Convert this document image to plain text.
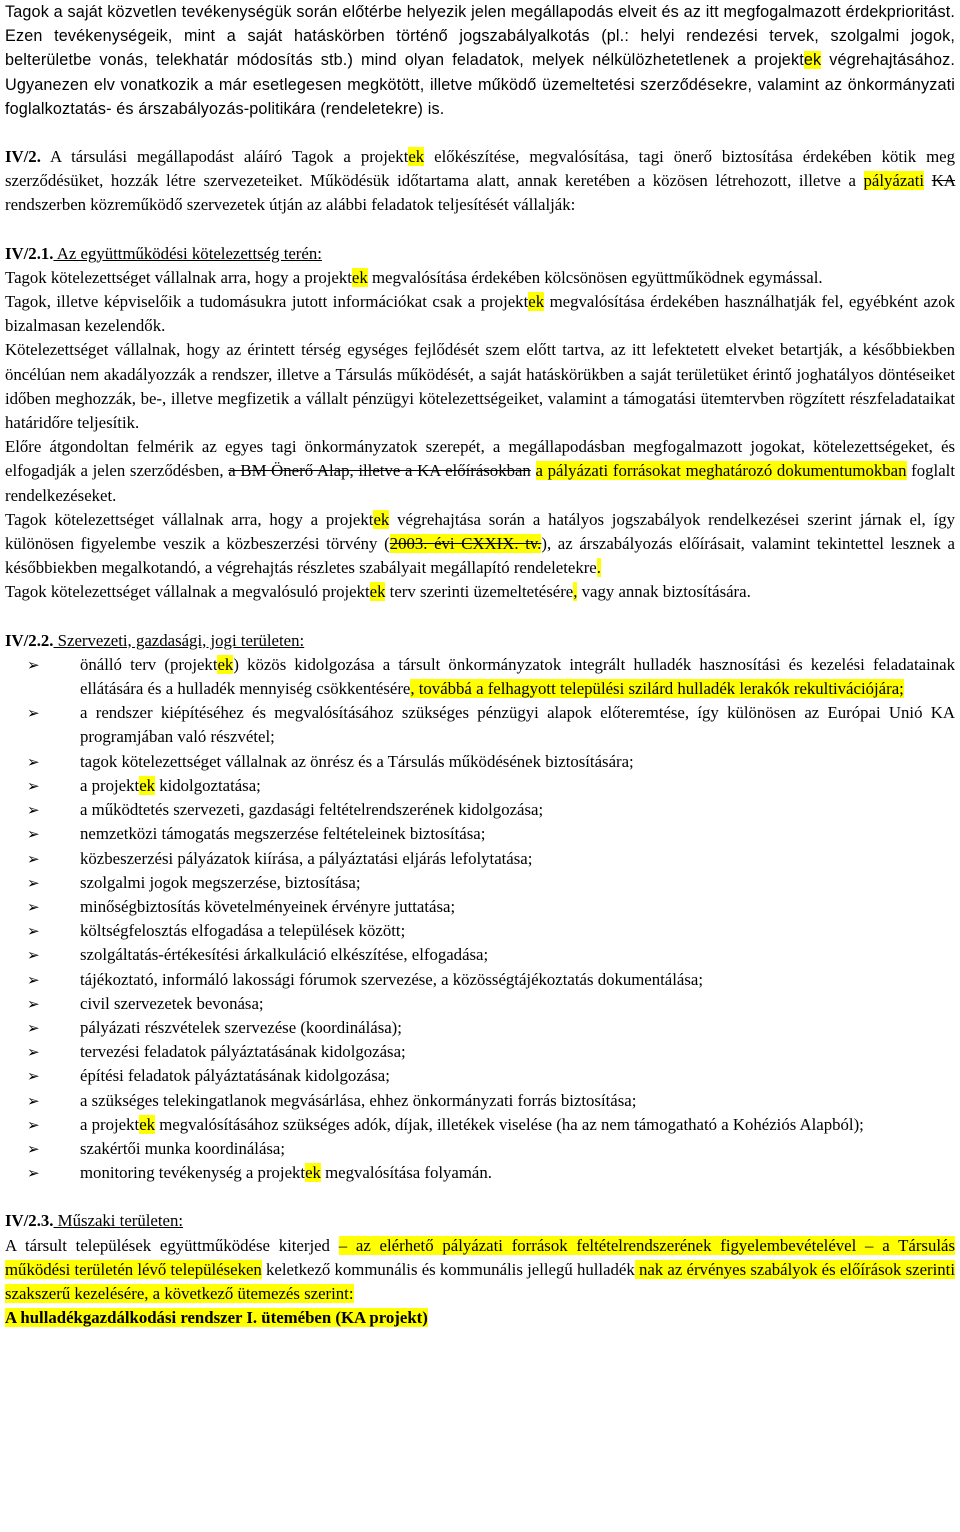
Tagok a saját közvetlen tevékenységük során előtérbe helyezik jelen megállapodás elveit és az itt megfogalmazott érdekprioritást. Ezen tevékenységeik, mint a saját hatáskörben történő jogszabályalkotás (pl.: helyi rendezési tervek, szolgalmi jogok, belterületbe vonás, telekhatár módosítás stb.) mind olyan feladatok, melyek nélkülözhetetlenek a projektek végrehajtásához. Ugyanezen elv vonatkozik a már esetlegesen megkötött, illetve működő üzemeltetési szerződésekre, valamint az önkormányzati foglalkoztatás- és árszabályozás-politikára (rendeletekre) is.

IV/2. A társulási megállapodást aláíró Tagok a projektek előkészítése, megvalósítása, tagi önerő biztosítása érdekében kötik meg szerződésüket, hozzák létre szervezeteiket. Működésük időtartama alatt, annak keretében a közösen létrehozott, illetve a pályázati KA rendszerben közreműködő szervezetek útján az alábbi feladatok teljesítését vállalják:

IV/2.1. Az együttműködési kötelezettség terén:

Tagok kötelezettséget vállalnak arra, hogy a projektek megvalósítása érdekében kölcsönösen együttműködnek egymással.

Tagok, illetve képviselőik a tudomásukra jutott információkat csak a projektek megvalósítása érdekében használhatják fel, egyébként azok bizalmasan kezelendők.

Kötelezettséget vállalnak, hogy az érintett térség egységes fejlődését szem előtt tartva, az itt lefektetett elveket betartják, a későbbiekben öncélúan nem akadályozzák a rendszer, illetve a Társulás működését, a saját hatáskörükben a saját területüket érintő joghatályos döntéseiket időben meghozzák, be-, illetve megfizetik a vállalt pénzügyi kötelezettségeiket, valamint a támogatási ütemtervben rögzített részfeladataikat határidőre teljesítik.

Előre átgondoltan felmérik az egyes tagi önkormányzatok szerepét, a megállapodásban megfogalmazott jogokat, kötelezettségeket, és elfogadják a jelen szerződésben, a BM Önerő Alap, illetve a KA előírásokban a pályázati forrásokat meghatározó dokumentumokban foglalt rendelkezéseket.

Tagok kötelezettséget vállalnak arra, hogy a projektek végrehajtása során a hatályos jogszabályok rendelkezései szerint járnak el, így különösen figyelembe veszik a közbeszerzési törvény (2003. évi CXXIX. tv.), az árszabályozás előírásait, valamint tekintettel lesznek a későbbiekben megalkotandó, a végrehajtás részletes szabályait megállapító rendeletekre.

Tagok kötelezettséget vállalnak a megvalósuló projektek terv szerinti üzemeltetésére, vagy annak biztosítására.

IV/2.2. Szervezeti, gazdasági, jogi területen:

➢ önálló terv (projektek) közös kidolgozása a társult önkormányzatok integrált hulladék hasznosítási és kezelési feladatainak ellátására és a hulladék mennyiség csökkentésére, továbbá a felhagyott települési szilárd hulladék lerakók rekultivációjára;
➢ a rendszer kiépítéséhez és megvalósításához szükséges pénzügyi alapok előteremtése, így különösen az Európai Unió KA programjában való részvétel;
➢ tagok kötelezettséget vállalnak az önrész és a Társulás működésének biztosítására;
➢ a projektek kidolgoztatása;
➢ a működtetés szervezeti, gazdasági feltételrendszerének kidolgozása;
➢ nemzetközi támogatás megszerzése feltételeinek biztosítása;
➢ közbeszerzési pályázatok kiírása, a pályáztatási eljárás lefolytatása;
➢ szolgalmi jogok megszerzése, biztosítása;
➢ minőségbiztosítás követelményeinek érvényre juttatása;
➢ költségfelosztás elfogadása a települések között;
➢ szolgáltatás-értékesítési árkalkuláció elkészítése, elfogadása;
➢ tájékoztató, informáló lakossági fórumok szervezése, a közösségtájékoztatás dokumentálása;
➢ civil szervezetek bevonása;
➢ pályázati részvételek szervezése (koordinálása);
➢ tervezési feladatok pályáztatásának kidolgozása;
➢ építési feladatok pályáztatásának kidolgozása;
➢ a szükséges telekingatlanok megvásárlása, ehhez önkormányzati forrás biztosítása;
➢ a projektek megvalósításához szükséges adók, díjak, illetékek viselése (ha az nem támogatható a Kohéziós Alapból);
➢ szakértői munka koordinálása;
➢ monitoring tevékenység a projektek megvalósítása folyamán.

IV/2.3. Műszaki területen:

A társult települések együttműködése kiterjed – az elérhető pályázati források feltételrendszerének figyelembevételével – a Társulás működési területén lévő településeken keletkező kommunális és kommunális jellegű hulladék nak az érvényes szabályok és előírások szerinti szakszerű kezelésére, a következő ütemezés szerint:

A hulladékgazdálkodási rendszer I. ütemében (KA projekt)
